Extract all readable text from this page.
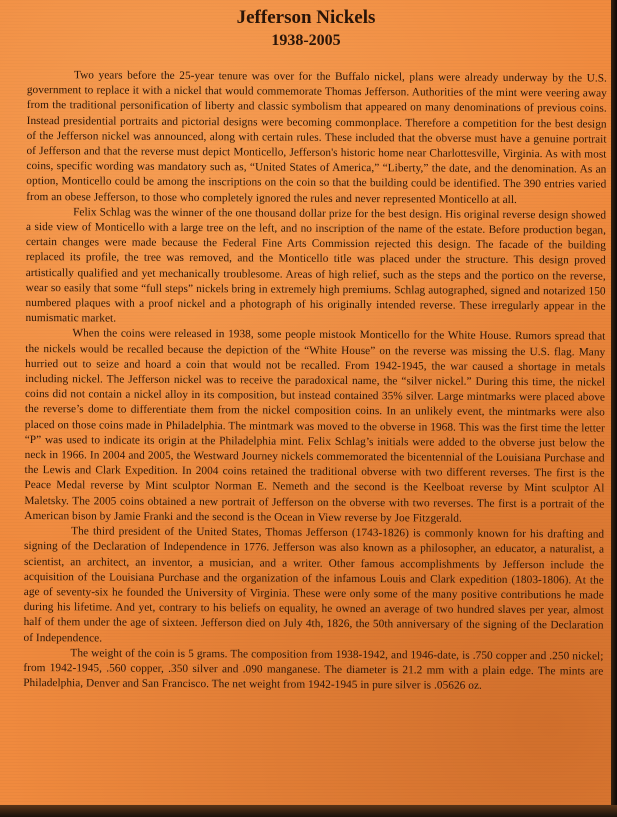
Jefferson Nickels
1938-2005

Two years before the 25-year tenure was over for the Buffalo nickel, plans were already underway by the U.S. government to replace it with a nickel that would commemorate Thomas Jefferson. Authorities of the mint were veering away from the traditional personification of liberty and classic symbolism that appeared on many denominations of previous coins. Instead presidential portraits and pictorial designs were becoming commonplace. Therefore a competition for the best design of the Jefferson nickel was announced, along with certain rules. These included that the obverse must have a genuine portrait of Jefferson and that the reverse must depict Monticello, Jefferson's historic home near Charlottesville, Virginia. As with most coins, specific wording was mandatory such as, “United States of America,” “Liberty,” the date, and the denomination. As an option, Monticello could be among the inscriptions on the coin so that the building could be identified. The 390 entries varied from an obese Jefferson, to those who completely ignored the rules and never represented Monticello at all.

Felix Schlag was the winner of the one thousand dollar prize for the best design. His original reverse design showed a side view of Monticello with a large tree on the left, and no inscription of the name of the estate. Before production began, certain changes were made because the Federal Fine Arts Commission rejected this design. The facade of the building replaced its profile, the tree was removed, and the Monticello title was placed under the structure. This design proved artistically qualified and yet mechanically troublesome. Areas of high relief, such as the steps and the portico on the reverse, wear so easily that some “full steps” nickels bring in extremely high premiums. Schlag autographed, signed and notarized 150 numbered plaques with a proof nickel and a photograph of his originally intended reverse. These irregularly appear in the numismatic market.

When the coins were released in 1938, some people mistook Monticello for the White House. Rumors spread that the nickels would be recalled because the depiction of the “White House” on the reverse was missing the U.S. flag. Many hurried out to seize and hoard a coin that would not be recalled. From 1942-1945, the war caused a shortage in metals including nickel. The Jefferson nickel was to receive the paradoxical name, the “silver nickel.” During this time, the nickel coins did not contain a nickel alloy in its composition, but instead contained 35% silver. Large mintmarks were placed above the reverse’s dome to differentiate them from the nickel composition coins. In an unlikely event, the mintmarks were also placed on those coins made in Philadelphia. The mintmark was moved to the obverse in 1968. This was the first time the letter “P” was used to indicate its origin at the Philadelphia mint. Felix Schlag’s initials were added to the obverse just below the neck in 1966. In 2004 and 2005, the Westward Journey nickels commemorated the bicentennial of the Louisiana Purchase and the Lewis and Clark Expedition. In 2004 coins retained the traditional obverse with two different reverses. The first is the Peace Medal reverse by Mint sculptor Norman E. Nemeth and the second is the Keelboat reverse by Mint sculptor Al Maletsky. The 2005 coins obtained a new portrait of Jefferson on the obverse with two reverses. The first is a portrait of the American bison by Jamie Franki and the second is the Ocean in View reverse by Joe Fitzgerald.

The third president of the United States, Thomas Jefferson (1743-1826) is commonly known for his drafting and signing of the Declaration of Independence in 1776. Jefferson was also known as a philosopher, an educator, a naturalist, a scientist, an architect, an inventor, a musician, and a writer. Other famous accomplishments by Jefferson include the acquisition of the Louisiana Purchase and the organization of the infamous Louis and Clark expedition (1803-1806). At the age of seventy-six he founded the University of Virginia. These were only some of the many positive contributions he made during his lifetime. And yet, contrary to his beliefs on equality, he owned an average of two hundred slaves per year, almost half of them under the age of sixteen. Jefferson died on July 4th, 1826, the 50th anniversary of the signing of the Declaration of Independence.

The weight of the coin is 5 grams. The composition from 1938-1942, and 1946-date, is .750 copper and .250 nickel; from 1942-1945, .560 copper, .350 silver and .090 manganese. The diameter is 21.2 mm with a plain edge. The mints are Philadelphia, Denver and San Francisco. The net weight from 1942-1945 in pure silver is .05626 oz.
